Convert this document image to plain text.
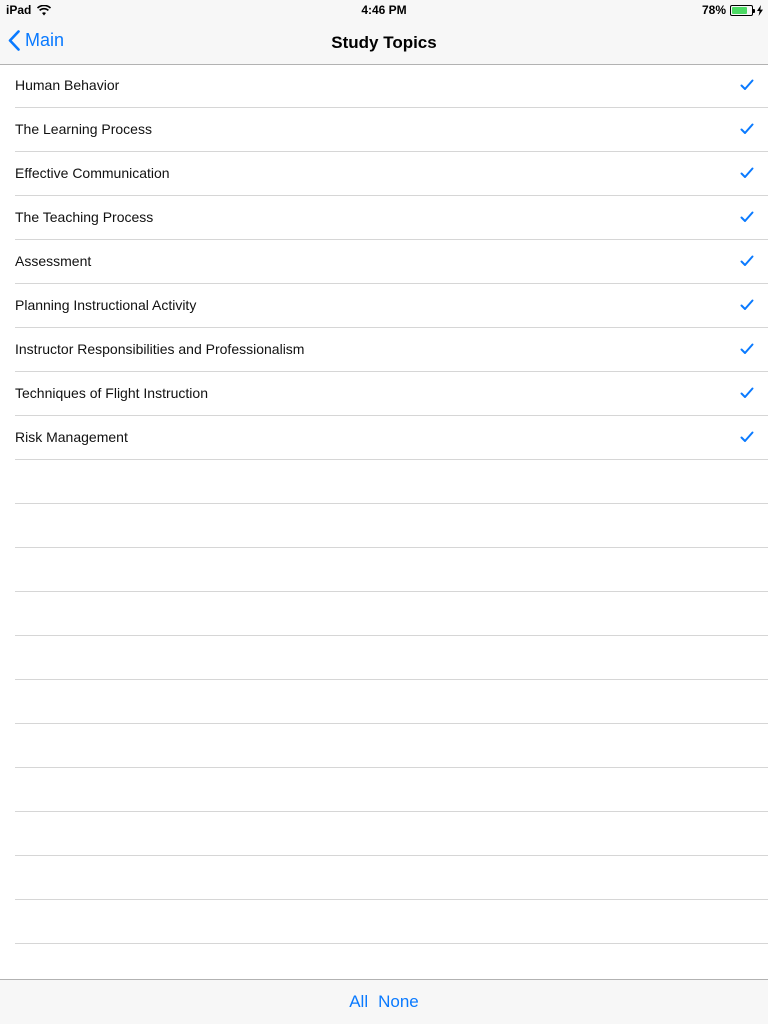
iPad	4:46 PM	78%
Main	Study Topics
Human Behavior
The Learning Process
Effective Communication
The Teaching Process
Assessment
Planning Instructional Activity
Instructor Responsibilities and Professionalism
Techniques of Flight Instruction
Risk Management
All None
